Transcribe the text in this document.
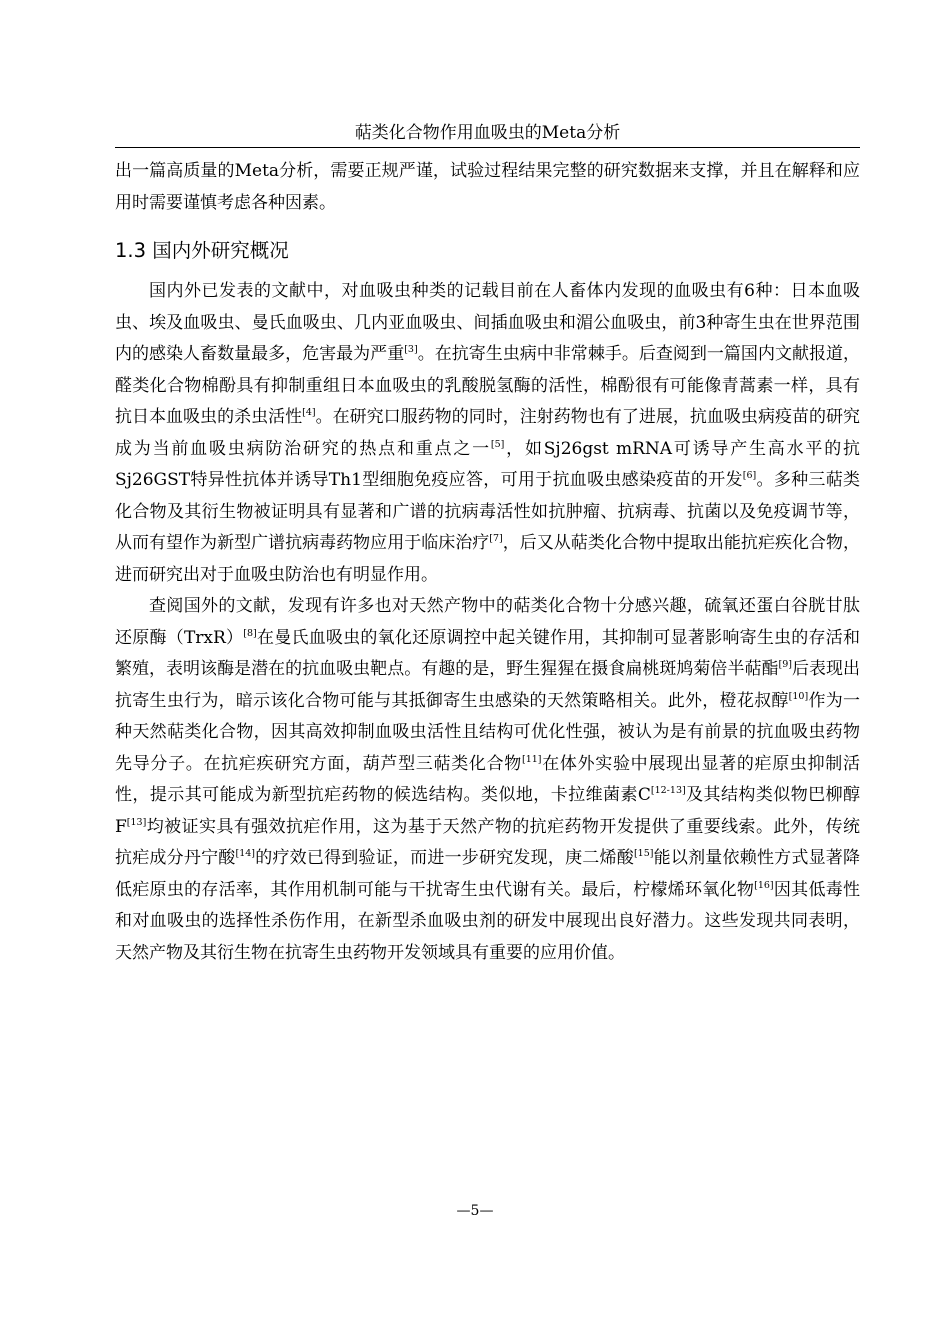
萜类化合物作用血吸虫的Meta分析

出一篇高质量的Meta分析，需要正规严谨，试验过程结果完整的研究数据来支撑，并且在解释和应用时需要谨慎考虑各种因素。

1.3 国内外研究概况

国内外已发表的文献中，对血吸虫种类的记载目前在人畜体内发现的血吸虫有6种：日本血吸虫、埃及血吸虫、曼氏血吸虫、几内亚血吸虫、间插血吸虫和湄公血吸虫，前3种寄生虫在世界范围内的感染人畜数量最多，危害最为严重[3]。在抗寄生虫病中非常棘手。后查阅到一篇国内文献报道，醛类化合物棉酚具有抑制重组日本血吸虫的乳酸脱氢酶的活性，棉酚很有可能像青蒿素一样，具有抗日本血吸虫的杀虫活性[4]。在研究口服药物的同时，注射药物也有了进展，抗血吸虫病疫苗的研究成为当前血吸虫病防治研究的热点和重点之一[5]，如Sj26gst mRNA可诱导产生高水平的抗Sj26GST特异性抗体并诱导Th1型细胞免疫应答，可用于抗血吸虫感染疫苗的开发[6]。多种三萜类化合物及其衍生物被证明具有显著和广谱的抗病毒活性如抗肿瘤、抗病毒、抗菌以及免疫调节等，从而有望作为新型广谱抗病毒药物应用于临床治疗[7]，后又从萜类化合物中提取出能抗疟疾化合物，进而研究出对于血吸虫防治也有明显作用。

查阅国外的文献，发现有许多也对天然产物中的萜类化合物十分感兴趣，硫氧还蛋白谷胱甘肽还原酶（TrxR）[8]在曼氏血吸虫的氧化还原调控中起关键作用，其抑制可显著影响寄生虫的存活和繁殖，表明该酶是潜在的抗血吸虫靶点。有趣的是，野生猩猩在摄食扁桃斑鸠菊倍半萜酯[9]后表现出抗寄生虫行为，暗示该化合物可能与其抵御寄生虫感染的天然策略相关。此外，橙花叔醇[10]作为一种天然萜类化合物，因其高效抑制血吸虫活性且结构可优化性强，被认为是有前景的抗血吸虫药物先导分子。在抗疟疾研究方面，葫芦型三萜类化合物[11]在体外实验中展现出显著的疟原虫抑制活性，提示其可能成为新型抗疟药物的候选结构。类似地，卡拉维菌素C[12-13]及其结构类似物巴柳醇F[13]均被证实具有强效抗疟作用，这为基于天然产物的抗疟药物开发提供了重要线索。此外，传统抗疟成分丹宁酸[14]的疗效已得到验证，而进一步研究发现，庚二烯酸[15]能以剂量依赖性方式显著降低疟原虫的存活率，其作用机制可能与干扰寄生虫代谢有关。最后，柠檬烯环氧化物[16]因其低毒性和对血吸虫的选择性杀伤作用，在新型杀血吸虫剂的研发中展现出良好潜力。这些发现共同表明，天然产物及其衍生物在抗寄生虫药物开发领域具有重要的应用价值。

—5—
